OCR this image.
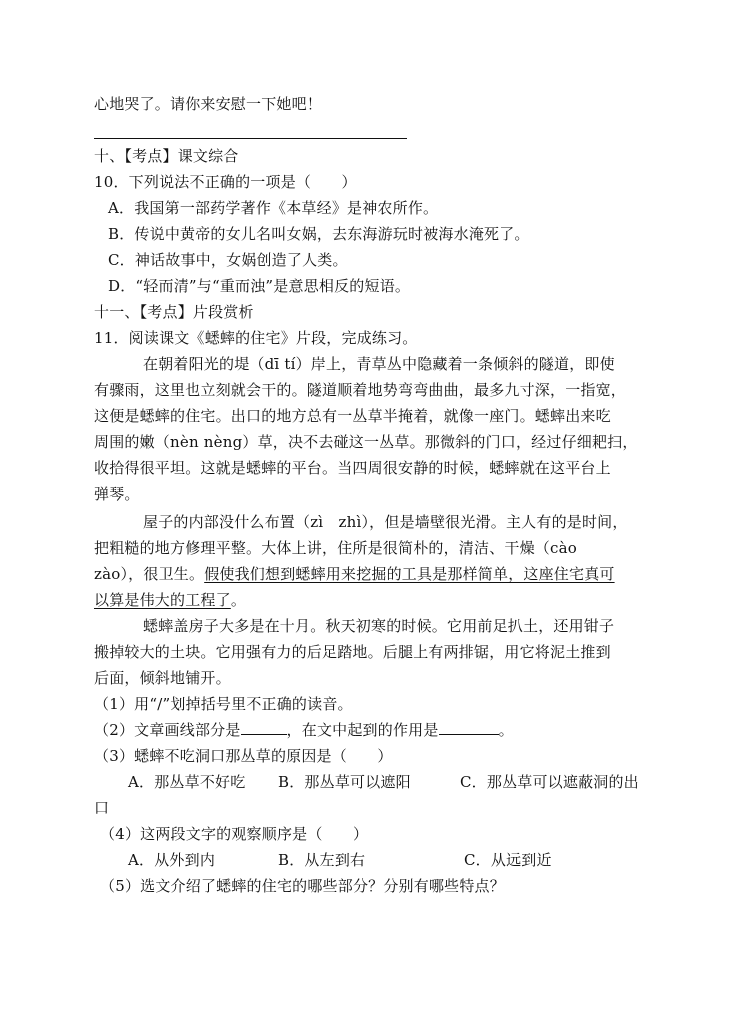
心地哭了。请你来安慰一下她吧！
十、【考点】课文综合
10．下列说法不正确的一项是（　　）
A．我国第一部药学著作《本草经》是神农所作。
B．传说中黄帝的女儿名叫女娲，去东海游玩时被海水淹死了。
C．神话故事中，女娲创造了人类。
D．“轻而清”与“重而浊”是意思相反的短语。
十一、【考点】片段赏析
11．阅读课文《蟋蟀的住宅》片段，完成练习。
在朝着阳光的堤（dī tí）岸上，青草丛中隐藏着一条倾斜的隧道，即使
有骤雨，这里也立刻就会干的。隧道顺着地势弯弯曲曲，最多九寸深，一指宽，
这便是蟋蟀的住宅。出口的地方总有一丛草半掩着，就像一座门。蟋蟀出来吃
周围的嫩（nèn nèng）草，决不去碰这一丛草。那微斜的门口，经过仔细耙扫，
收拾得很平坦。这就是蟋蟀的平台。当四周很安静的时候，蟋蟀就在这平台上
弹琴。
屋子的内部没什么布置（zì　zhì），但是墙壁很光滑。主人有的是时间，
把粗糙的地方修理平整。大体上讲，住所是很简朴的，清洁、干燥（cào
zào），很卫生。假使我们想到蟋蟀用来挖掘的工具是那样简单，这座住宅真可
以算是伟大的工程了。
蟋蟀盖房子大多是在十月。秋天初寒的时候。它用前足扒土，还用钳子
搬掉较大的土块。它用强有力的后足踏地。后腿上有两排锯，用它将泥土推到
后面，倾斜地铺开。
（1）用“/”划掉括号里不正确的读音。
（2）文章画线部分是	，在文中起到的作用是	。
（3）蟋蟀不吃洞口那丛草的原因是（　　）
A．那丛草不好吃 B．那丛草可以遮阳	C．那丛草可以遮蔽洞的出
口
（4）这两段文字的观察顺序是（　　）
A．从外到内	B．从左到右	C．从远到近
（5）选文介绍了蟋蟀的住宅的哪些部分？分别有哪些特点？
